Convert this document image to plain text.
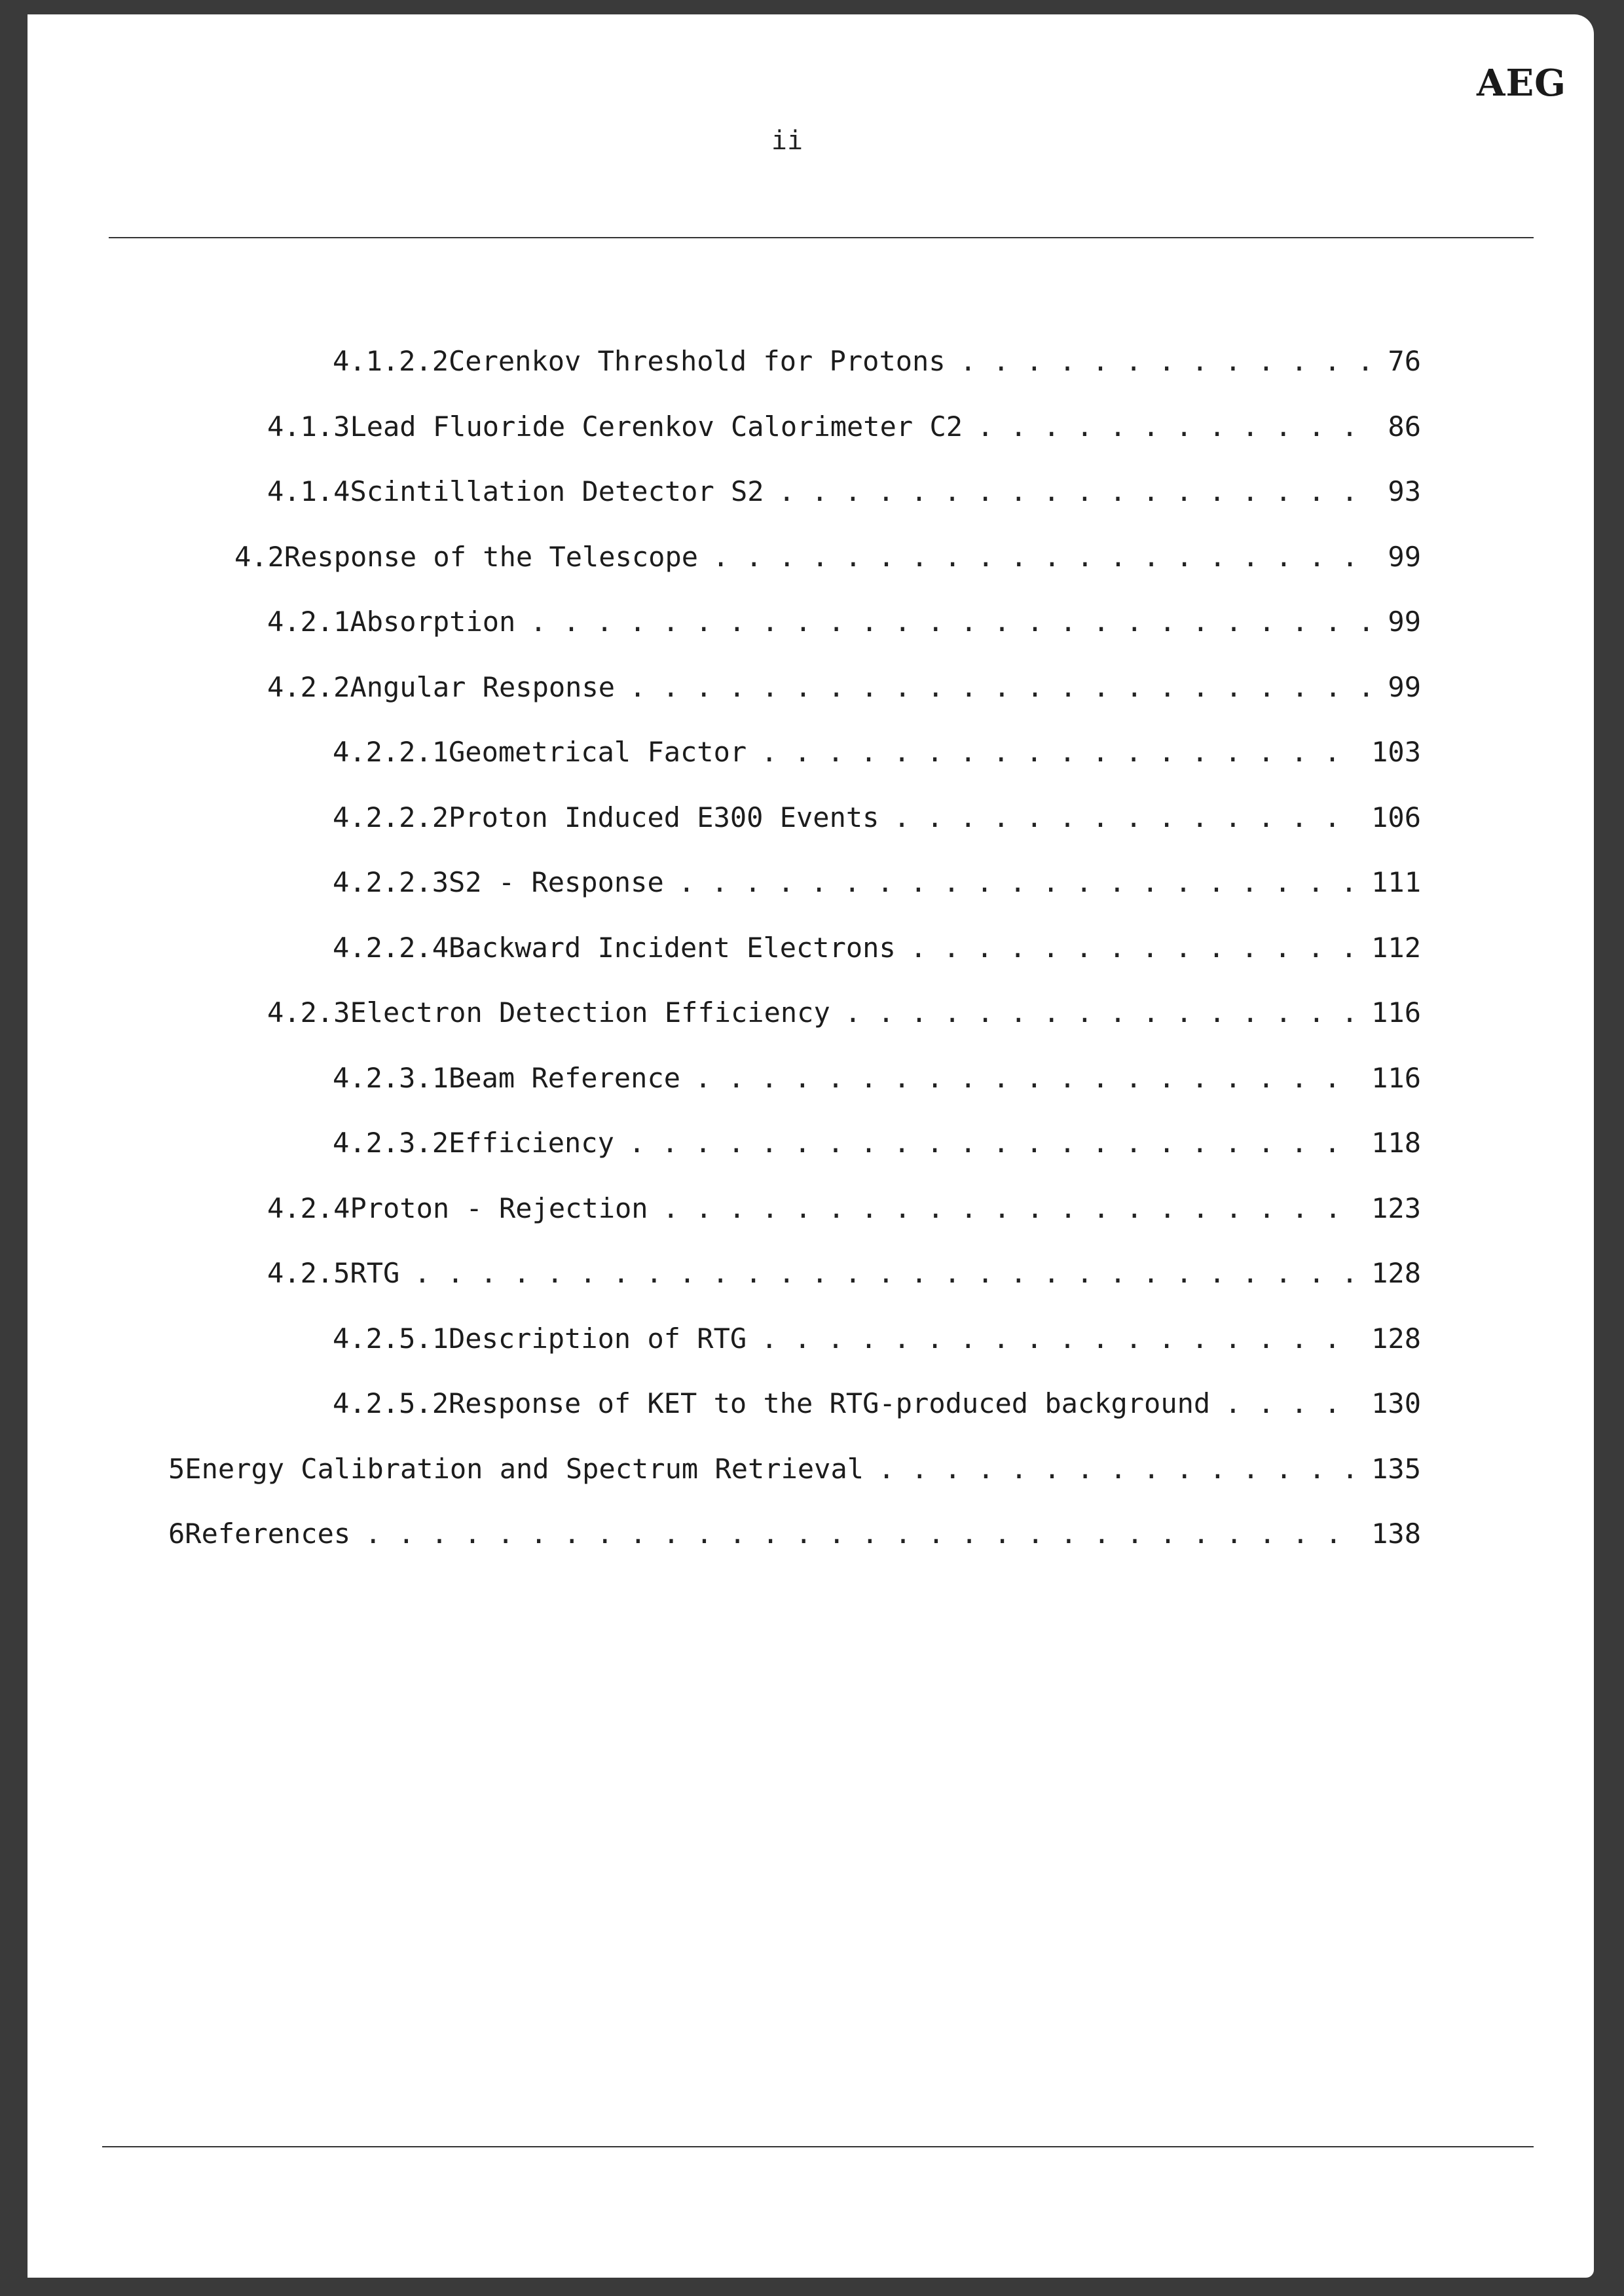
AEG
ii
4.1.2.2 Cerenkov Threshold for Protons . . .	76
4.1.3 Lead Fluoride Cerenkov Calorimeter C2 . . .	86
4.1.4 Scintillation Detector S2 . . .	93
4.2 Response of the Telescope . . .	99
4.2.1 Absorption . . .	99
4.2.2 Angular Response . . .	99
4.2.2.1 Geometrical Factor . . .	103
4.2.2.2 Proton Induced E300 Events . . .	106
4.2.2.3 S2 - Response . . .	111
4.2.2.4 Backward Incident Electrons . . .	112
4.2.3 Electron Detection Efficiency . . .	116
4.2.3.1 Beam Reference . . .	116
4.2.3.2 Efficiency . . .	118
4.2.4 Proton - Rejection . . .	123
4.2.5 RTG . . .	128
4.2.5.1 Description of RTG . . .	128
4.2.5.2 Response of KET to the RTG-produced background . . .	130
5 Energy Calibration and Spectrum Retrieval . . .	135
6 References . . .	138
